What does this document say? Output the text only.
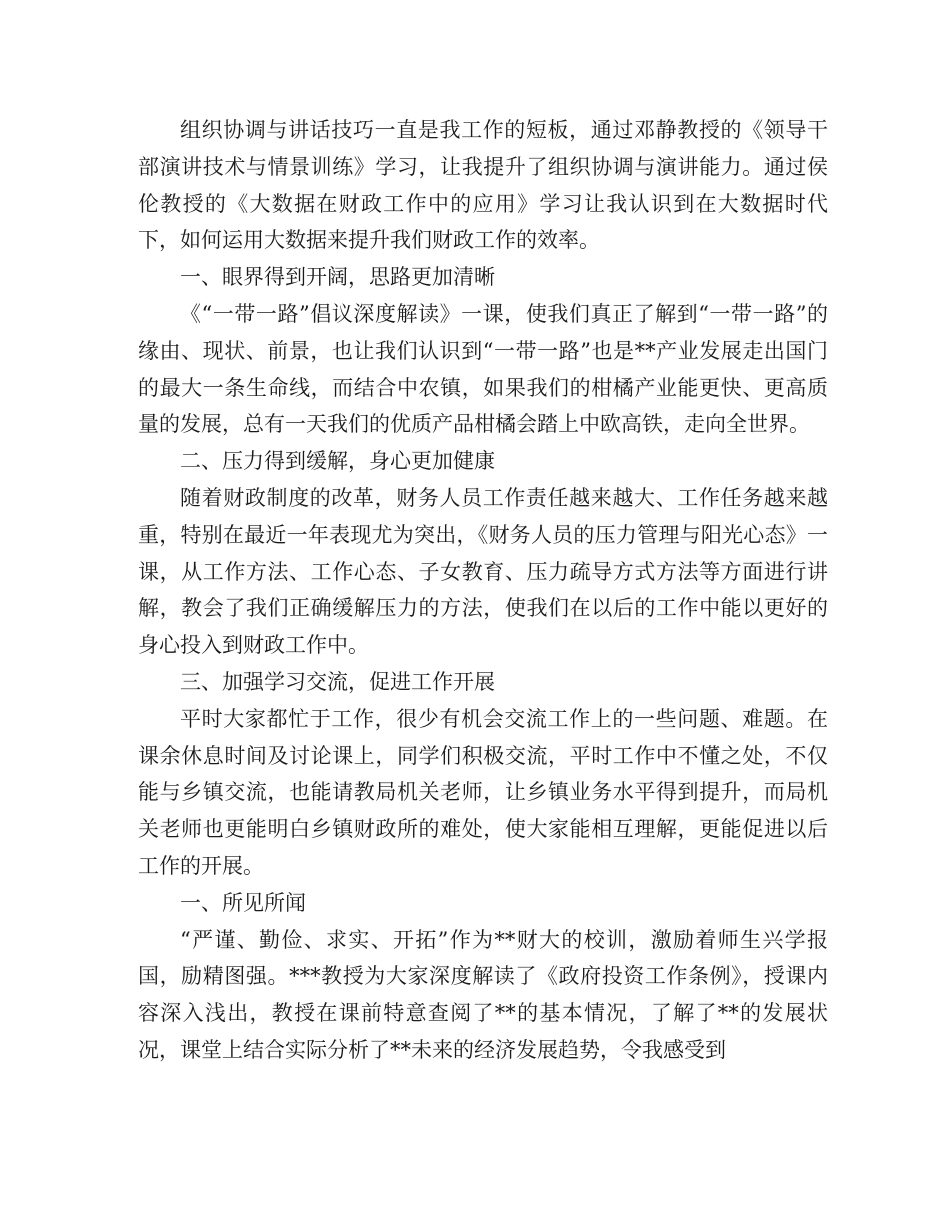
组织协调与讲话技巧一直是我工作的短板，通过邓静教授的《领导干部演讲技术与情景训练》学习，让我提升了组织协调与演讲能力。通过侯伦教授的《大数据在财政工作中的应用》学习让我认识到在大数据时代下，如何运用大数据来提升我们财政工作的效率。

一、眼界得到开阔，思路更加清晰

《“一带一路”倡议深度解读》一课，使我们真正了解到“一带一路”的缘由、现状、前景，也让我们认识到“一带一路”也是**产业发展走出国门的最大一条生命线，而结合中农镇，如果我们的柑橘产业能更快、更高质量的发展，总有一天我们的优质产品柑橘会踏上中欧高铁，走向全世界。

二、压力得到缓解，身心更加健康

随着财政制度的改革，财务人员工作责任越来越大、工作任务越来越重，特别在最近一年表现尤为突出，《财务人员的压力管理与阳光心态》一课，从工作方法、工作心态、子女教育、压力疏导方式方法等方面进行讲解，教会了我们正确缓解压力的方法，使我们在以后的工作中能以更好的身心投入到财政工作中。

三、加强学习交流，促进工作开展

平时大家都忙于工作，很少有机会交流工作上的一些问题、难题。在课余休息时间及讨论课上，同学们积极交流，平时工作中不懂之处，不仅能与乡镇交流，也能请教局机关老师，让乡镇业务水平得到提升，而局机关老师也更能明白乡镇财政所的难处，使大家能相互理解，更能促进以后工作的开展。

一、所见所闻

“严谨、勤俭、求实、开拓”作为**财大的校训，激励着师生兴学报国，励精图强。***教授为大家深度解读了《政府投资工作条例》，授课内容深入浅出，教授在课前特意查阅了**的基本情况，了解了**的发展状况，课堂上结合实际分析了**未来的经济发展趋势，令我感受到
